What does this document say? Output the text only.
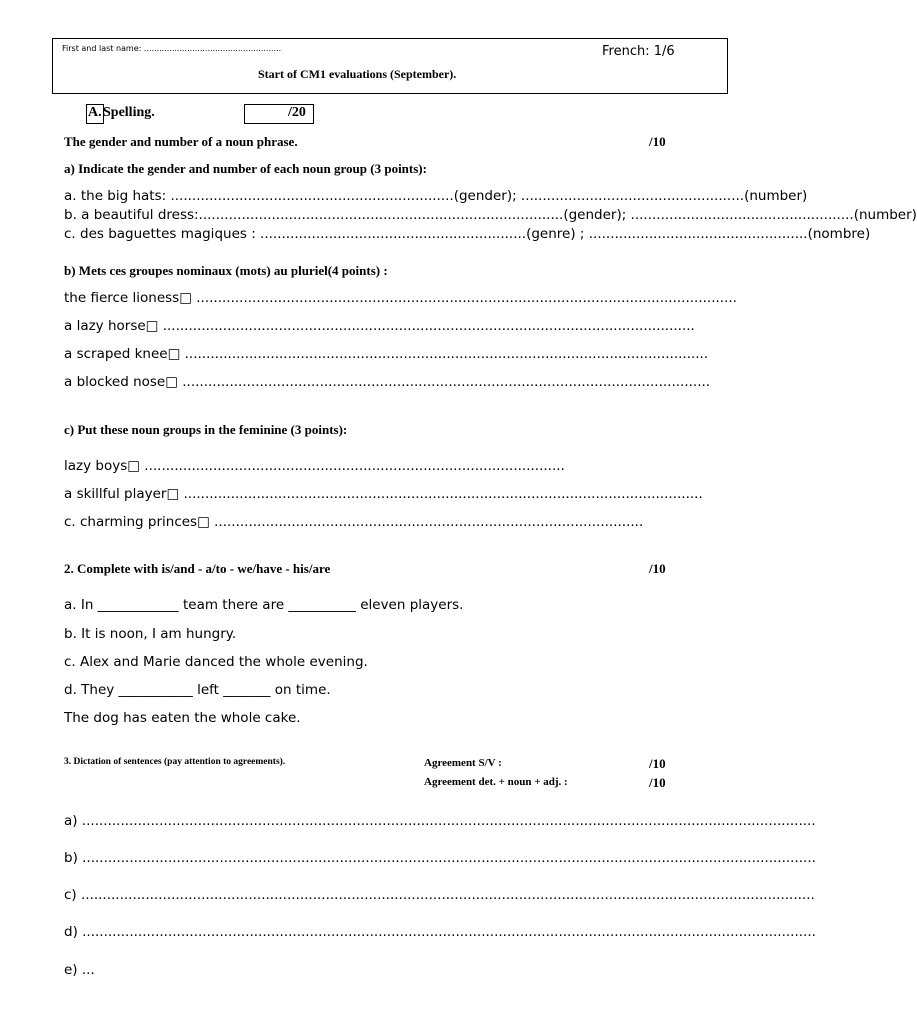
First and last name: ......................................................	French: 1/6
Start of CM1 evaluations (September).
A. Spelling.	/20
The gender and number of a noun phrase.	/10
a) Indicate the gender and number of each noun group (3 points):
a. the big hats: ..................................................................(gender); ....................................................(number)
b. a beautiful dress:.....................................................................................(gender); ....................................................(number)
c. des baguettes magiques : ..............................................................(genre) ; ...................................................(nombre)
b) Mets ces groupes nominaux (mots) au pluriel(4 points) :
the fierce lioness□ ..............................................................................................................................
a lazy horse□ ............................................................................................................................
a scraped knee□ ..........................................................................................................................
a blocked nose□ ...........................................................................................................................
c) Put these noun groups in the feminine (3 points):
lazy boys□ ..................................................................................................
a skillful player□ .........................................................................................................................
c. charming princes□ ....................................................................................................
2. Complete with is/and - a/to - we/have - his/are	/10
a. In ____________ team there are __________ eleven players.
b. It is noon, I am hungry.
c. Alex and Marie danced the whole evening.
d. They ___________ left _______ on time.
The dog has eaten the whole cake.
3. Dictation of sentences (pay attention to agreements).	Agreement S/V :	/10
Agreement det. + noun + adj. :	/10
a) ...........................................................................................................................................................................
b) ...........................................................................................................................................................................
c) ...........................................................................................................................................................................
d) ...........................................................................................................................................................................
e) ...
